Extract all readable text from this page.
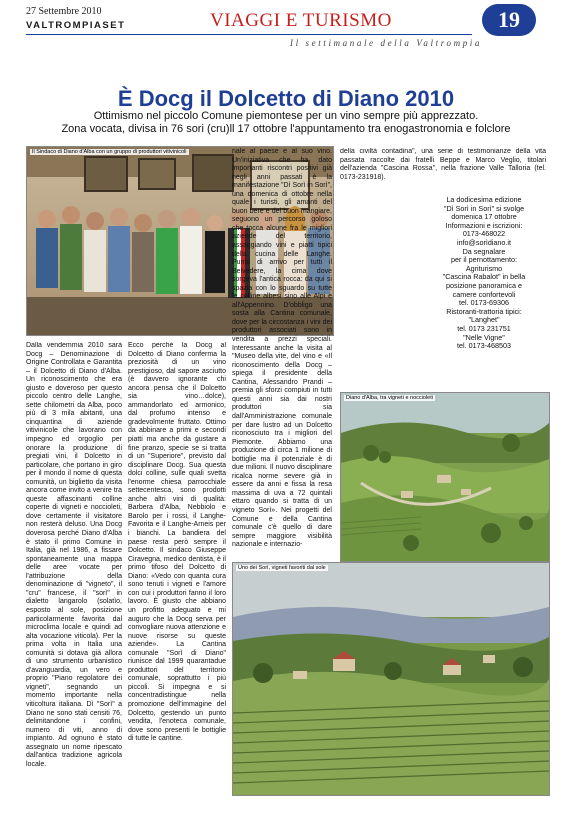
27 Settembre 2010
VALTROMPIASET	VIAGGI E TURISMO	19
Il settimanale della Valtrompia
È Docg il Dolcetto di Diano 2010
Ottimismo nel piccolo Comune piemontese per un vino sempre più apprezzato.
Zona vocata, divisa in 76 sori (cru)ll 17 ottobre l'appuntamento tra enogastronomia e folclore
Il Sindaco di Diano d'Alba con un gruppo di produttori vitivinicoli

Dalla vendemmia 2010 sarà Docg – Denominazione di Origine Controllata e Garantita – il Dolcetto di Diano d'Alba. Un riconoscimento che era giusto e doveroso per questo piccolo centro delle Langhe, sette chilometri da Alba, poco più di 3 mila abitanti, una cinquantina di aziende vitivinicole che lavorano con impegno ed orgoglio per onorare la produzione di pregiati vini, il Dolcetto in particolare, che portano in giro per il mondo il nome di questa comunità, un biglietto da visita ancora come invito a venire tra queste affascinanti colline coperte di vigneti e noccioleti, dove certamente il visitatore non resterà deluso. Una Docg doverosa perché Diano d'Alba è stato il primo Comune in Italia, già nel 1986, a fissare spontaneamente una mappa delle aree vocate per l'attribuzione della denominazione di "vigneto", il "cru" francese, il "sorì" in dialetto langarolo (solatìo, esposto al sole, posizione particolarmente favorita dal microclima locale e quindi ad alta vocazione viticola). Per la prima volta in Italia una comunità si dotava già allora di uno strumento urbanistico d'avanguardia, un vero e proprio "Piano regolatore dei vigneti", segnando un momento importante nella viticoltura italiana. Dì "Sorì" a Diano ne sono stati censiti 76, delimitandone i confini, numero di viti, anno di impianto. Ad ognuno è stato assegnato un nome ripescato dall'antica tradizione agricola locale.

Ecco perché la Docg al Dolcetto di Diano conferma la preziosità di un vino prestigioso, dal sapore asciutto (è davvero ignorante chi ancora pensa che il Dolcetto sia vino…dolce), ammandorlato ed armonico, dal profumo intenso e gradevolmente fruttato. Ottimo da abbinare a primi e secondi piatti ma anche da gustare a fine pranzo, specie se si tratta di un "Superiore", previsto dal disciplinare Docg. Sua questa dolci colline, sulle quali svetta l'enorme chiesa parrocchiale settecentesca, sono prodotti anche altri vini di qualità: Barbera d'Alba, Nebbiolo e Barolo per i rossi, il Langhe-Favorita e il Langhe-Arneis per i bianchi. La bandiera del paese resta però sempre il Dolcetto. Il sindaco Giuseppe Ciravegna, medico dentista, è il primo tifoso del Dolcetto di Diano: «Vedo con quanta cura sono tenuti i vigneti e l'amore con cui i produttori fanno il loro lavoro. È giusto che abbiano un profitto adeguato e mi auguro che la Docg serva per convogliare nuova attenzione e nuove risorse su queste aziende». La Cantina comunale "Sorì di Diano" riunisce dal 1999 quarantadue produttori del territorio comunale, soprattutto i più piccoli. Si impegna e si concentradistingue nella promozione dell'immagine del Dolcetto, gestendo un punto vendita, l'enoteca comunale, dove sono presenti le bottiglie di tutte le cantine.

nale al paese e al suo vino. Un'iniziativa che ha dato importanti riscontri positivi già negli anni passati è la manifestazione "Dì Sorì in Sorì", una domenica di ottobre nella quale i turisti, gli amanti del buon bere e del buon mangiare, seguono un percorso goloso che tocca alcune fra le migliori aziende del territorio, assaggiando vini e piatti tipici della cucina delle Langhe. Punto di arrivo per tutti il Belvedere, la cima dove sorgeva l'antica rocca: da qui si spazia con lo sguardo su tutte le colline albesi sino alle Alpi e all'Appennino. D'obbligo una sosta alla Cantina comunale, dove per la circostanza i vini dei produttori associati sono in vendita a prezzi speciali. Interessante anche la visita al "Museo della vite, del vino e «Il riconoscimento della Docg – spiega il presidente della Cantina, Alessandro Prandi – premia gli sforzi compiuti in tutti questi anni sia dai nostri produttori sia dall'Amministrazione comunale per dare lustro ad un Dolcetto riconosciuto tra i migliori del Piemonte. Abbiamo una produzione di circa 1 milione di bottiglie ma il potenziale è di due milioni. Il nuovo disciplinare ricalca norme severe già in essere da anni e fissa la resa massima di uva a 72 quintali ettaro quando si tratta di un vigneto Sorì». Nei progetti del Comune e della Cantina comunale c'è quello di dare sempre maggiore visibilità nazionale e internazio-

della civiltà contadina", una serie di testimonianze della vita passata raccolte dai fratelli Beppe e Marco Veglio, titolari dell'azienda "Cascina Rossa", nella frazione Valle Talloria (tel. 0173-231918).

La dodicesima edizione

"Dì Sorì in Sorì" si svolge

domenica 17 ottobre

Informazioni e iscrizioni:

0173-468022

info@sorìdiano.it

Da segnalare

per il pernottamento:

Agriturismo

"Cascina Rabalot" in bella

posizione panoramica e

camere confortevoli

tel. 0173-69306

Ristoranti-trattoria tipici:

"Langhet"

tel. 0173 231751

"Nelle Vigne"

tel. 0173-468503

Diano d'Alba, tra vigneti e noccioleti
Uno dei Sorì, vigneti favoriti dal sole
